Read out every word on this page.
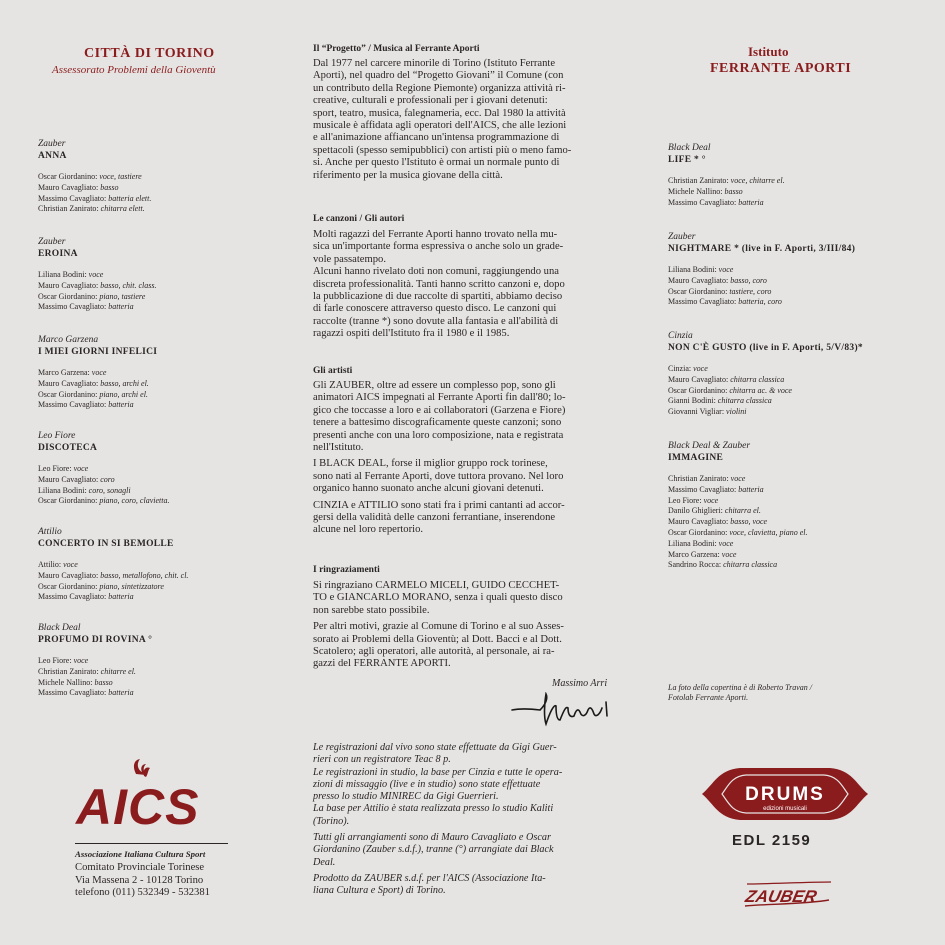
CITTÀ DI TORINO
Assessorato Problemi della Gioventù
Istituto
FERRANTE APORTI
Zauber
ANNA
Oscar Giordanino: voce, tastiere
Mauro Cavagliato: basso
Massimo Cavagliato: batteria elett.
Christian Zanirato: chitarra elett.
Zauber
EROINA
Liliana Bodini: voce
Mauro Cavagliato: basso, chit. class.
Oscar Giordanino: piano, tastiere
Massimo Cavagliato: batteria
Marco Garzena
I MIEI GIORNI INFELICI
Marco Garzena: voce
Mauro Cavagliato: basso, archi el.
Oscar Giordanino: piano, archi el.
Massimo Cavagliato: batteria
Leo Fiore
DISCOTECA
Leo Fiore: voce
Mauro Cavagliato: coro
Liliana Bodini: coro, sonagli
Oscar Giordanino: piano, coro, clavietta.
Attilio
CONCERTO IN SI BEMOLLE
Attilio: voce
Mauro Cavagliato: basso, metallofono, chit. cl.
Oscar Giordanino: piano, sintetizzatore
Massimo Cavagliato: batteria
Black Deal
PROFUMO DI ROVINA °
Leo Fiore: voce
Christian Zanirato: chitarre el.
Michele Nallino: basso
Massimo Cavagliato: batteria
Black Deal
LIFE * °
Christian Zanirato: voce, chitarre el.
Michele Nallino: basso
Massimo Cavagliato: batteria
Zauber
NIGHTMARE * (live in F. Aporti, 3/III/84)
Liliana Bodini: voce
Mauro Cavagliato: basso, coro
Oscar Giordanino: tastiere, coro
Massimo Cavagliato: batteria, coro
Cinzia
NON C'È GUSTO (live in F. Aporti, 5/V/83)*
Cinzia: voce
Mauro Cavagliato: chitarra classica
Oscar Giordanino: chitarra ac. & voce
Gianni Bodini: chitarra classica
Giovanni Vigliar: violini
Black Deal & Zauber
IMMAGINE
Christian Zanirato: voce
Massimo Cavagliato: batteria
Leo Fiore: voce
Danilo Ghiglieri: chitarra el.
Mauro Cavagliato: basso, voce
Oscar Giordanino: voce, clavietta, piano el.
Liliana Bodini: voce
Marco Garzena: voce
Sandrino Rocca: chitarra classica
Il “Progetto” / Musica al Ferrante Aporti
Dal 1977 nel carcere minorile di Torino (Istituto Ferrante
Aporti), nel quadro del “Progetto Giovani” il Comune (con
un contributo della Regione Piemonte) organizza attività ri-
creative, culturali e professionali per i giovani detenuti:
sport, teatro, musica, falegnameria, ecc. Dal 1980 la attività
musicale è affidata agli operatori dell'AICS, che alle lezioni
e all'animazione affiancano un'intensa programmazione di
spettacoli (spesso semipubblici) con artisti più o meno famo-
si. Anche per questo l'Istituto è ormai un normale punto di
riferimento per la musica giovane della città.
Le canzoni / Gli autori
Molti ragazzi del Ferrante Aporti hanno trovato nella mu-
sica un'importante forma espressiva o anche solo un grade-
vole passatempo.
Alcuni hanno rivelato doti non comuni, raggiungendo una
discreta professionalità. Tanti hanno scritto canzoni e, dopo
la pubblicazione di due raccolte di spartiti, abbiamo deciso
di farle conoscere attraverso questo disco. Le canzoni qui
raccolte (tranne *) sono dovute alla fantasia e all'abilità di
ragazzi ospiti dell'Istituto fra il 1980 e il 1985.
Gli artisti
Gli ZAUBER, oltre ad essere un complesso pop, sono gli
animatori AICS impegnati al Ferrante Aporti fin dall'80; lo-
gico che toccasse a loro e ai collaboratori (Garzena e Fiore)
tenere a battesimo discograficamente queste canzoni; sono
presenti anche con una loro composizione, nata e registrata
nell'Istituto.
I BLACK DEAL, forse il miglior gruppo rock torinese,
sono nati al Ferrante Aporti, dove tuttora provano. Nel loro
organico hanno suonato anche alcuni giovani detenuti.
CINZIA e ATTILIO sono stati fra i primi cantanti ad accor-
gersi della validità delle canzoni ferrantiane, inserendone
alcune nel loro repertorio.
I ringraziamenti
Si ringraziano CARMELO MICELI, GUIDO CECCHET-
TO e GIANCARLO MORANO, senza i quali questo disco
non sarebbe stato possibile.
Per altri motivi, grazie al Comune di Torino e al suo Asses-
sorato ai Problemi della Gioventù; al Dott. Bacci e al Dott.
Scatolero; agli operatori, alle autorità, al personale, ai ra-
gazzi del FERRANTE APORTI.
Massimo Arri
Le registrazioni dal vivo sono state effettuate da Gigi Guer-
rieri con un registratore Teac 8 p.
Le registrazioni in studio, la base per Cinzia e tutte le opera-
zioni di missaggio (live e in studio) sono state effettuate
presso lo studio MINIREC da Gigi Guerrieri.
La base per Attilio è stata realizzata presso lo studio Kaliti
(Torino).
Tutti gli arrangiamenti sono di Mauro Cavagliato e Oscar
Giordanino (Zauber s.d.f.), tranne (°) arrangiate dai Black
Deal.
Prodotto da ZAUBER s.d.f. per l'AICS (Associazione Ita-
liana Cultura e Sport) di Torino.
La foto della copertina è di Roberto Travan /
Fotolab Ferrante Aporti.
AICS
Associazione Italiana Cultura Sport
Comitato Provinciale Torinese
Via Massena 2 - 10128 Torino
telefono (011) 532349 - 532381
DRUMS
edizioni musicali
EDL 2159
ZAUBER
